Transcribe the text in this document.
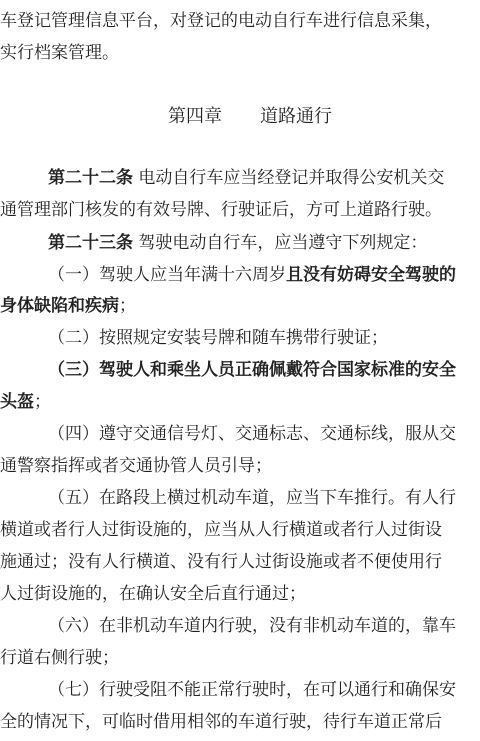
车登记管理信息平台，对登记的电动自行车进行信息采集，
实行档案管理。
第四章 道路通行
第二十二条 电动自行车应当经登记并取得公安机关交
通管理部门核发的有效号牌、行驶证后，方可上道路行驶。
第二十三条 驾驶电动自行车，应当遵守下列规定：
（一）驾驶人应当年满十六周岁且没有妨碍安全驾驶的
身体缺陷和疾病；
（二）按照规定安装号牌和随车携带行驶证；
（三）驾驶人和乘坐人员正确佩戴符合国家标准的安全
头盔；
（四）遵守交通信号灯、交通标志、交通标线，服从交
通警察指挥或者交通协管人员引导；
（五）在路段上横过机动车道，应当下车推行。有人行
横道或者行人过街设施的，应当从人行横道或者行人过街设
施通过；没有人行横道、没有行人过街设施或者不便使用行
人过街设施的，在确认安全后直行通过；
（六）在非机动车道内行驶，没有非机动车道的，靠车
行道右侧行驶；
（七）行驶受阻不能正常行驶时，在可以通行和确保安
全的情况下，可临时借用相邻的车道行驶，待行车道正常后
